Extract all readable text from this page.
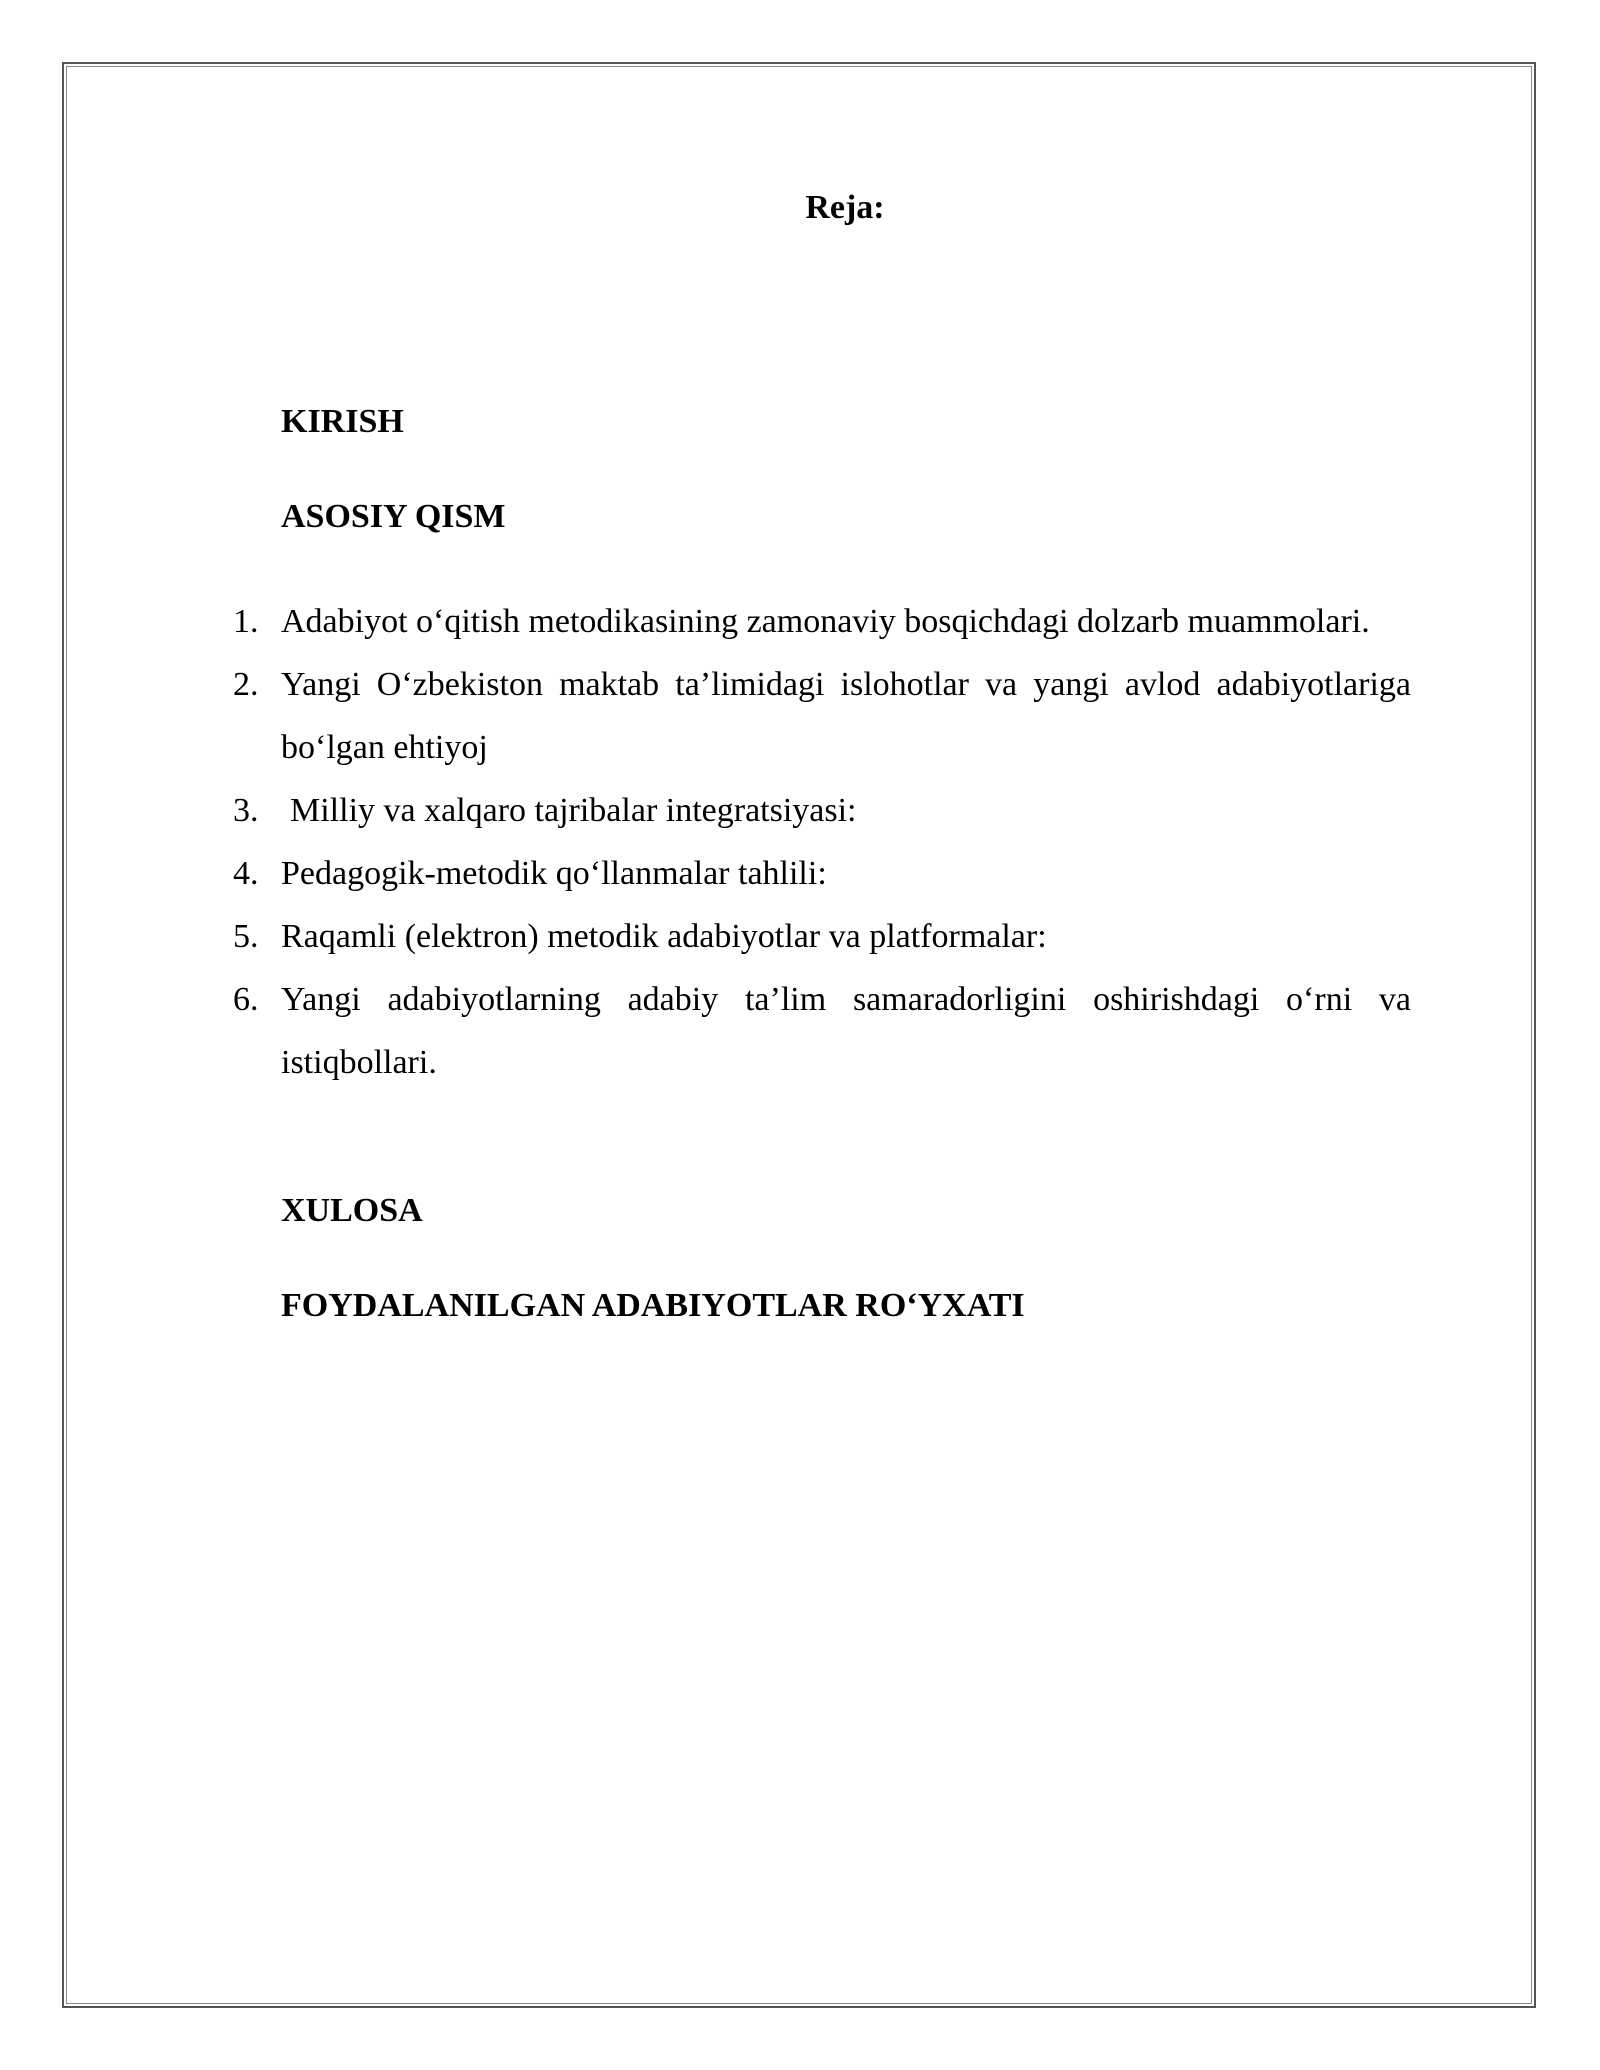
Reja:
KIRISH
ASOSIY QISM
1. Adabiyot o‘qitish metodikasining zamonaviy bosqichdagi dolzarb muammolari.
2. Yangi O‘zbekiston maktab ta’limidagi islohotlar va yangi avlod adabiyotlariga bo‘lgan ehtiyoj
3. Milliy va xalqaro tajribalar integratsiyasi:
4. Pedagogik-metodik qo‘llanmalar tahlili:
5. Raqamli (elektron) metodik adabiyotlar va platformalar:
6. Yangi adabiyotlarning adabiy ta’lim samaradorligini oshirishdagi o‘rni va istiqbollari.
XULOSA
FOYDALANILGAN ADABIYOTLAR RO‘YXATI
